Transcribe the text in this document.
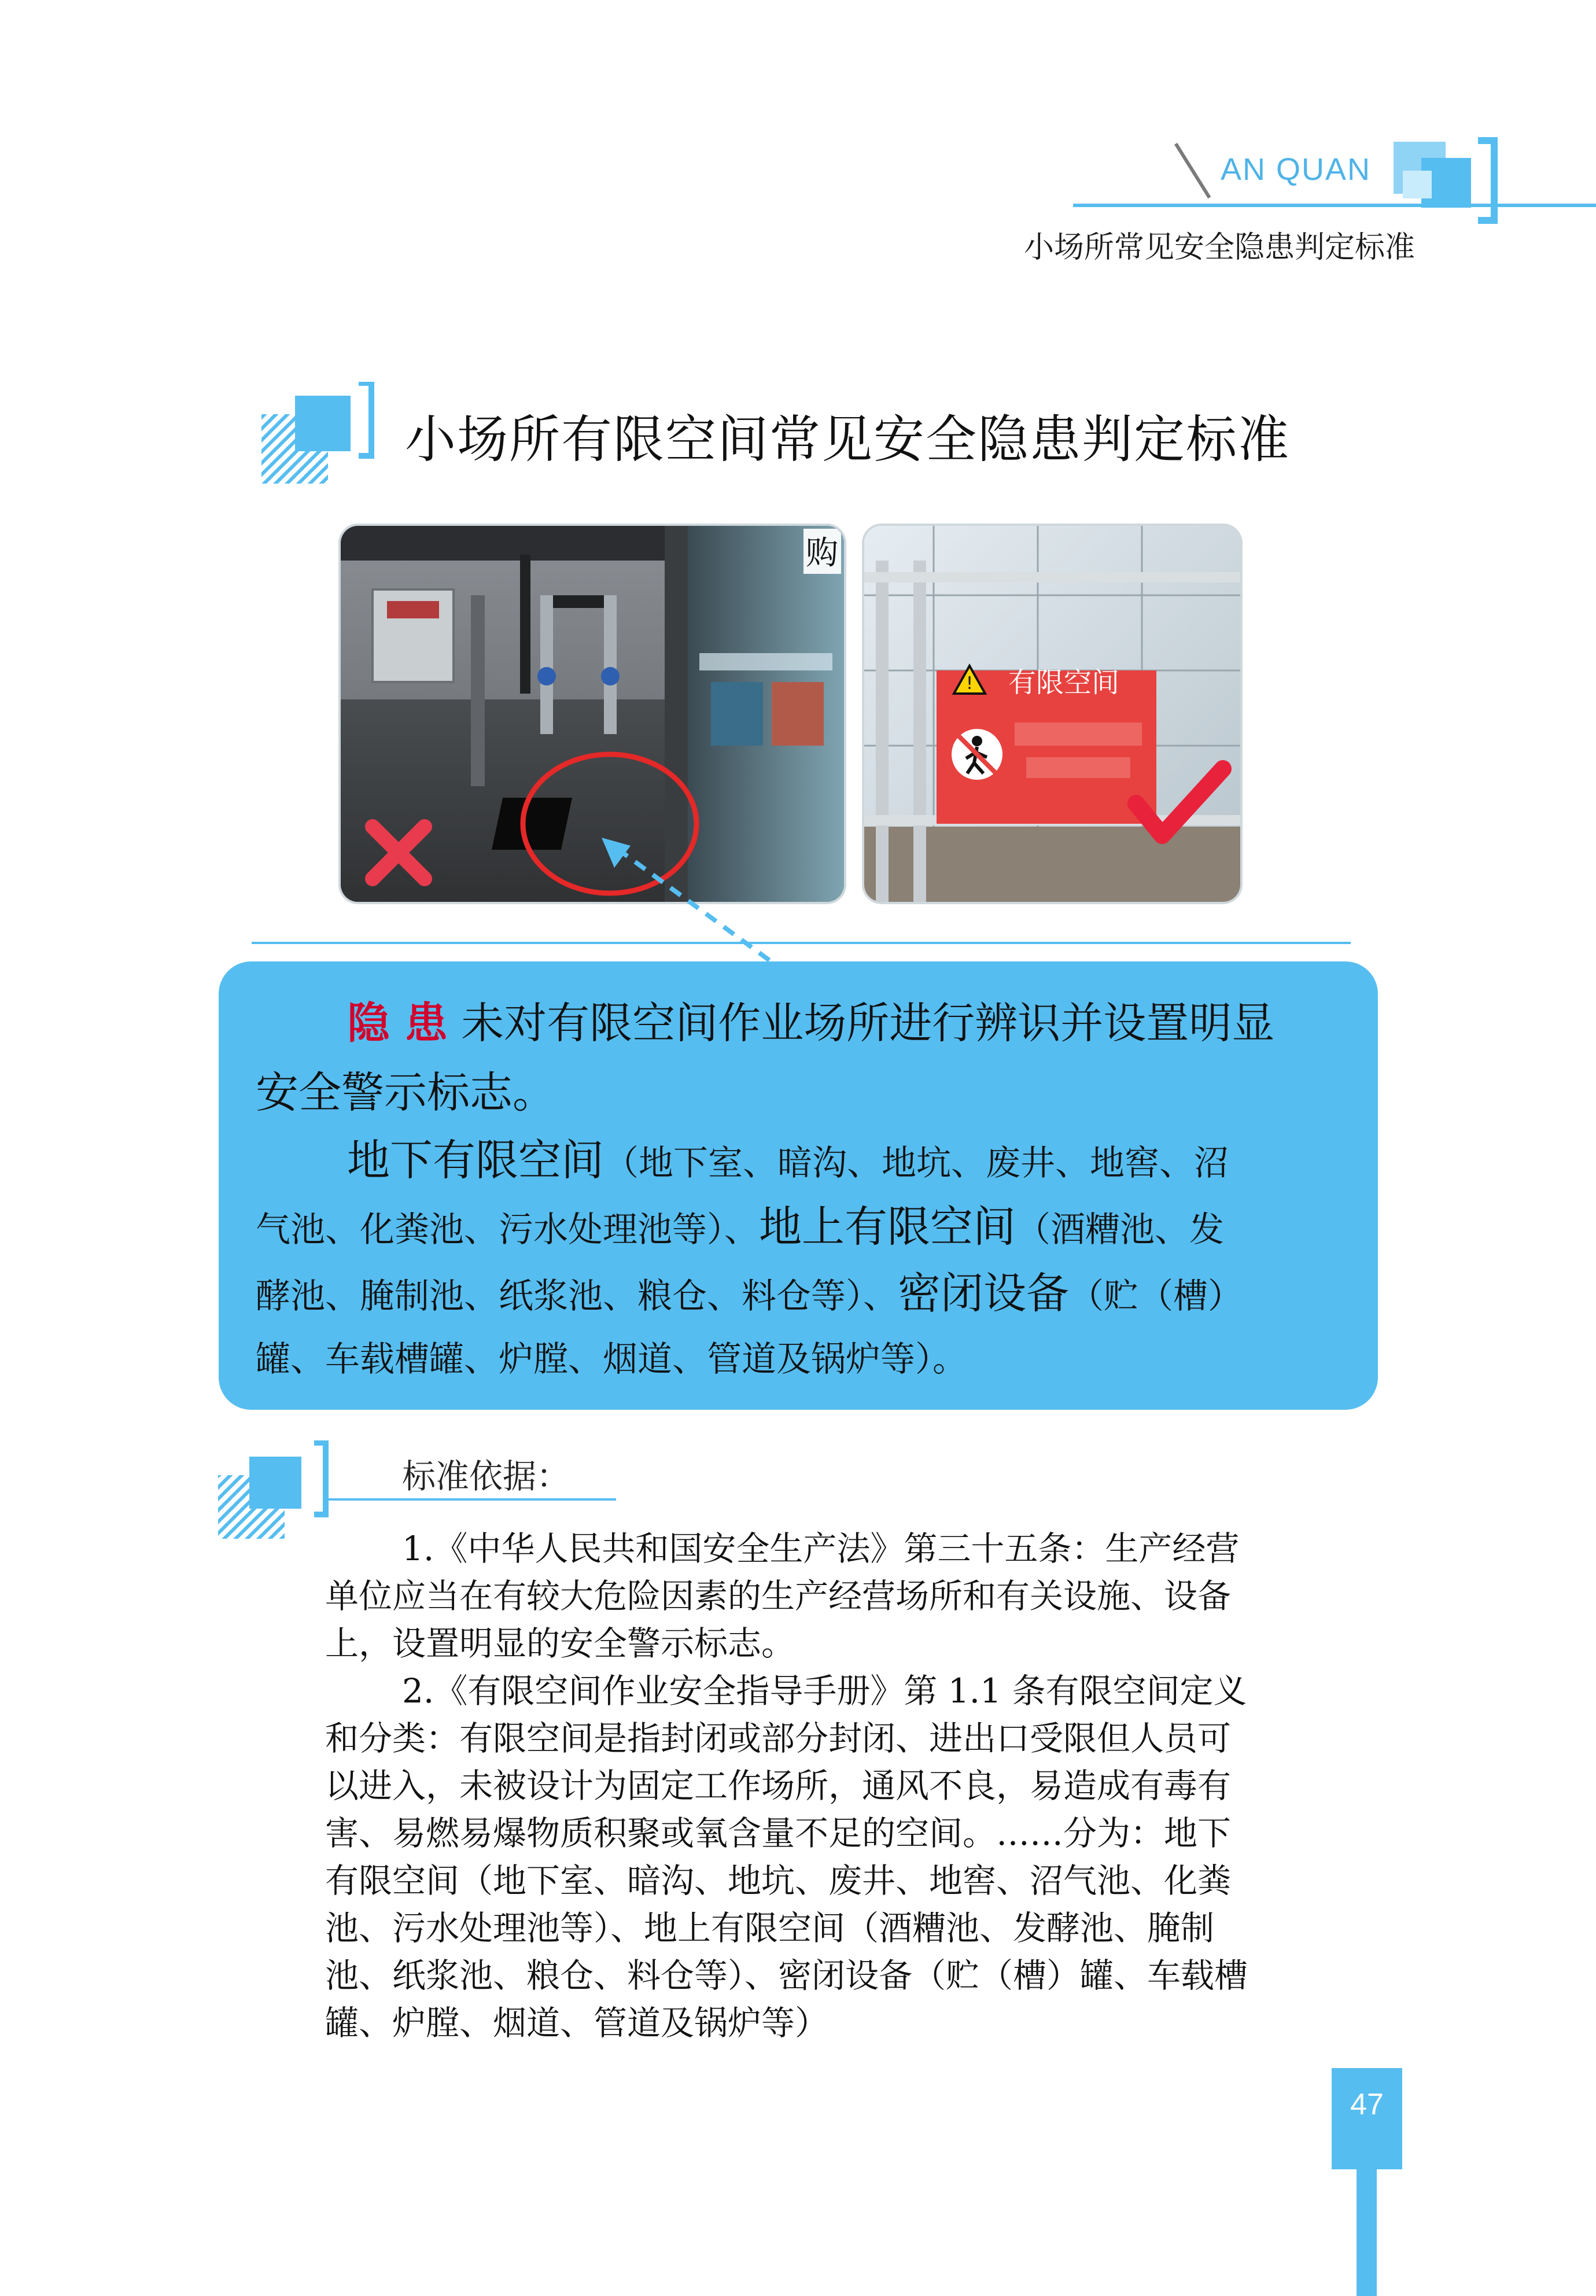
AN QUAN
小场所常见安全隐患判定标准
小场所有限空间常见安全隐患判定标准
购
! 有限空间
隐 患 未对有限空间作业场所进行辨识并设置明显
安全警示标志。
地下有限空间（地下室、暗沟、地坑、废井、地窖、沼
气池、化粪池、污水处理池等）、地上有限空间（酒糟池、发
酵池、腌制池、纸浆池、粮仓、料仓等）、密闭设备（贮（槽）
罐、车载槽罐、炉膛、烟道、管道及锅炉等）。
标准依据：
1.《中华人民共和国安全生产法》第三十五条：生产经营
单位应当在有较大危险因素的生产经营场所和有关设施、设备
上，设置明显的安全警示标志。
2.《有限空间作业安全指导手册》第 1.1 条有限空间定义
和分类：有限空间是指封闭或部分封闭、进出口受限但人员可
以进入，未被设计为固定工作场所，通风不良，易造成有毒有
害、易燃易爆物质积聚或氧含量不足的空间。……分为：地下
有限空间（地下室、暗沟、地坑、废井、地窖、沼气池、化粪
池、污水处理池等）、地上有限空间（酒糟池、发酵池、腌制
池、纸浆池、粮仓、料仓等）、密闭设备（贮（槽）罐、车载槽
罐、炉膛、烟道、管道及锅炉等）
47
